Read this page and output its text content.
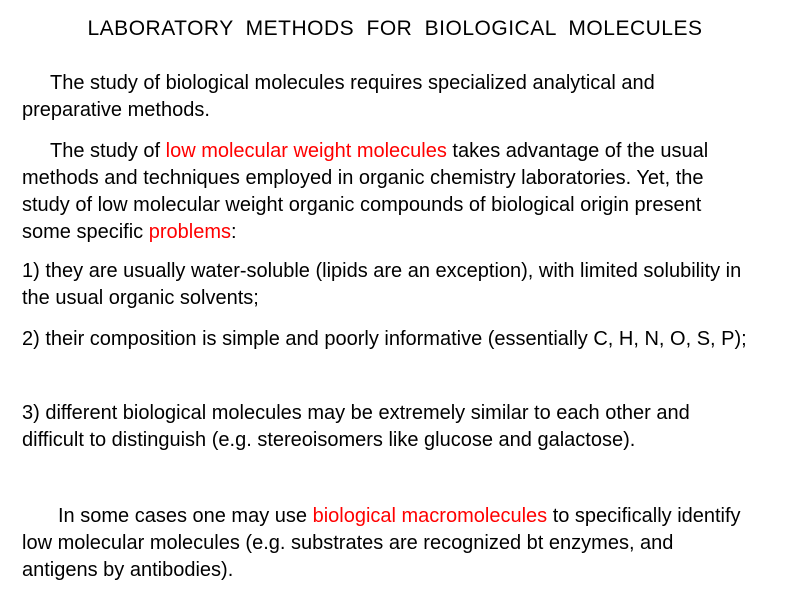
LABORATORY METHODS FOR BIOLOGICAL MOLECULES

The study of biological molecules requires specialized analytical and preparative methods.

The study of low molecular weight molecules takes advantage of the usual methods and techniques employed in organic chemistry laboratories. Yet, the study of low molecular weight organic compounds of biological origin present some specific problems:

1) they are usually water-soluble (lipids are an exception), with limited solubility in the usual organic solvents;

2) their composition is simple and poorly informative (essentially C, H, N, O, S, P);

3) different biological molecules may be extremely similar to each other and difficult to distinguish (e.g. stereoisomers like glucose and galactose).

In some cases one may use biological macromolecules to specifically identify low molecular molecules (e.g. substrates are recognized bt enzymes, and antigens by antibodies).
